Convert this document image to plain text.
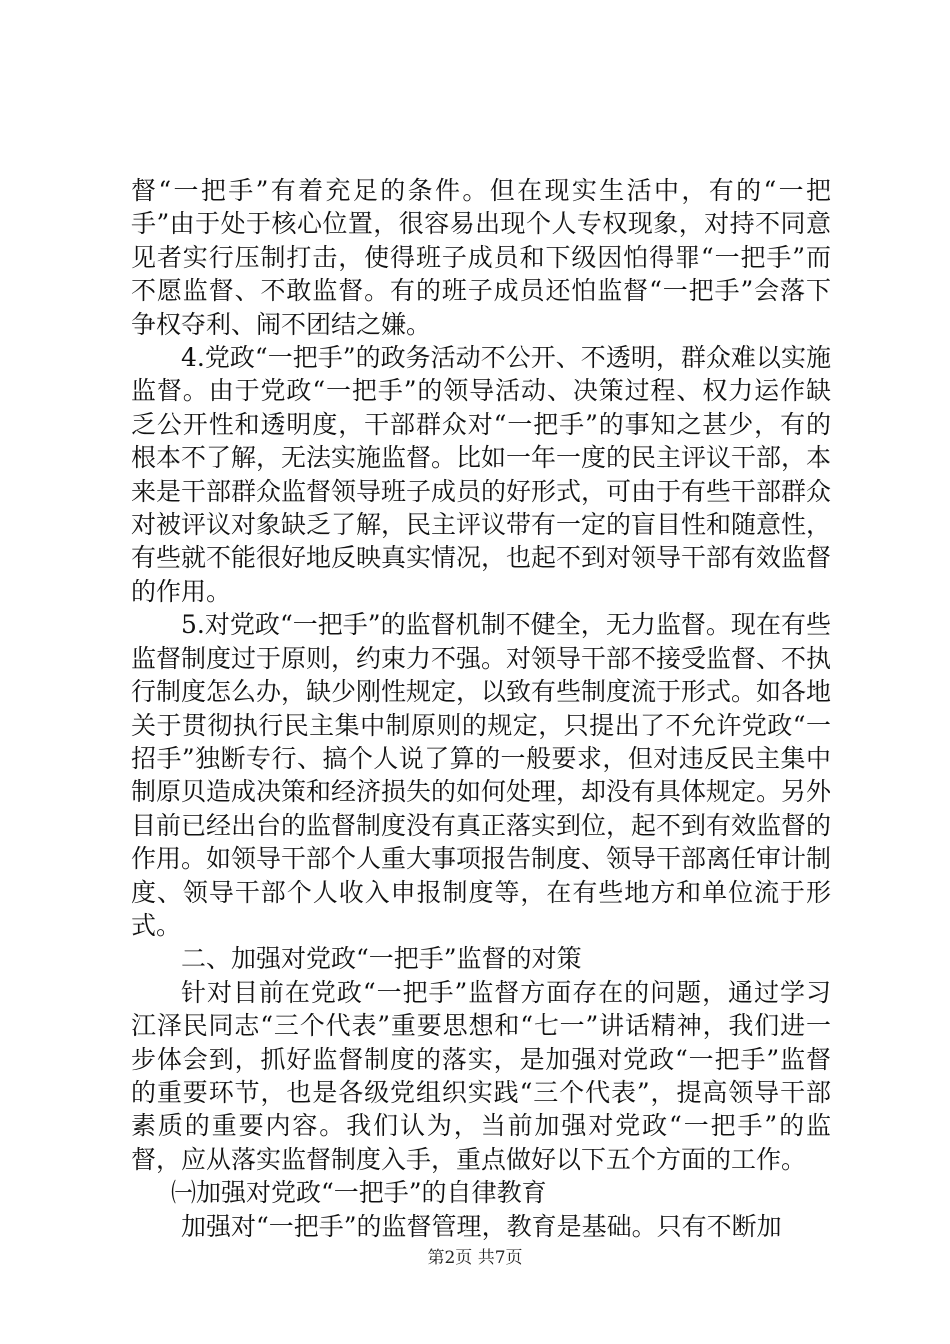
督“一把手”有着充足的条件。但在现实生活中，有的“一把手”由于处于核心位置，很容易出现个人专权现象，对持不同意见者实行压制打击，使得班子成员和下级因怕得罪“一把手”而不愿监督、不敢监督。有的班子成员还怕监督“一把手”会落下争权夺利、闹不团结之嫌。

4.党政“一把手”的政务活动不公开、不透明，群众难以实施监督。由于党政“一把手”的领导活动、决策过程、权力运作缺乏公开性和透明度，干部群众对“一把手”的事知之甚少，有的根本不了解，无法实施监督。比如一年一度的民主评议干部，本来是干部群众监督领导班子成员的好形式，可由于有些干部群众对被评议对象缺乏了解，民主评议带有一定的盲目性和随意性，有些就不能很好地反映真实情况，也起不到对领导干部有效监督的作用。

5.对党政“一把手”的监督机制不健全，无力监督。现在有些监督制度过于原则，约束力不强。对领导干部不接受监督、不执行制度怎么办，缺少刚性规定，以致有些制度流于形式。如各地关于贯彻执行民主集中制原则的规定，只提出了不允许党政“一招手”独断专行、搞个人说了算的一般要求，但对违反民主集中制原贝造成决策和经济损失的如何处理，却没有具体规定。另外目前已经出台的监督制度没有真正落实到位，起不到有效监督的作用。如领导干部个人重大事项报告制度、领导干部离任审计制度、领导干部个人收入申报制度等，在有些地方和单位流于形式。

二、加强对党政“一把手”监督的对策

针对目前在党政“一把手”监督方面存在的问题，通过学习江泽民同志“三个代表”重要思想和“七一”讲话精神，我们进一步体会到，抓好监督制度的落实，是加强对党政“一把手”监督的重要环节，也是各级党组织实践“三个代表”，提高领导干部素质的重要内容。我们认为，当前加强对党政“一把手”的监督，应从落实监督制度入手，重点做好以下五个方面的工作。

㈠加强对党政“一把手”的自律教育

加强对“一把手”的监督管理，教育是基础。只有不断加

第2页 共7页
